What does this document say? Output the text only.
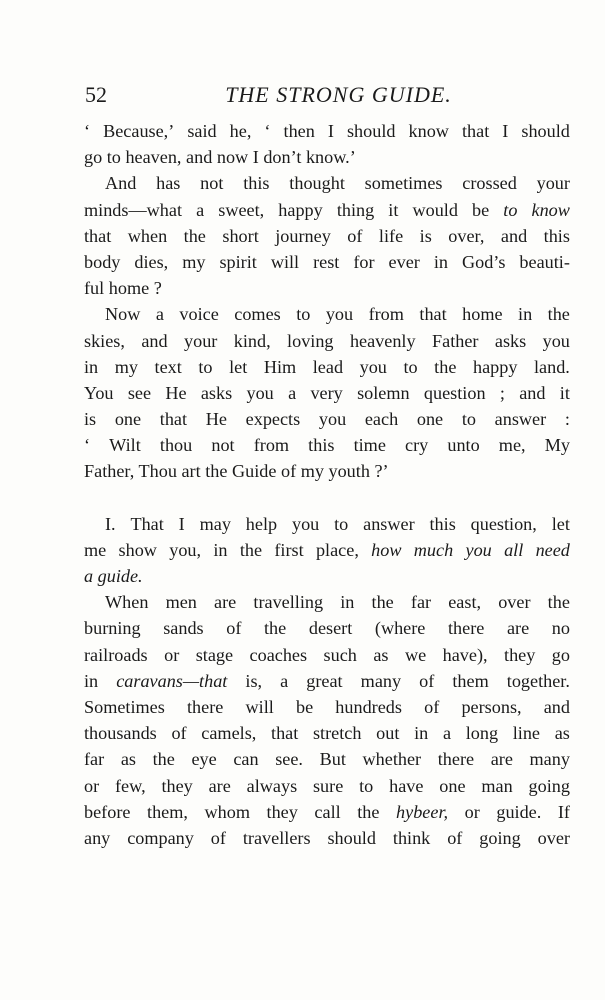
52	THE STRONG GUIDE.
‘ Because,’ said he, ‘ then I should know that I should
go to heaven, and now I don’t know.’
And has not this thought sometimes crossed your
minds—what a sweet, happy thing it would be to know
that when the short journey of life is over, and this
body dies, my spirit will rest for ever in God’s beauti-
ful home ?
Now a voice comes to you from that home in the
skies, and your kind, loving heavenly Father asks you
in my text to let Him lead you to the happy land.
You see He asks you a very solemn question ; and it
is one that He expects you each one to answer :
‘ Wilt thou not from this time cry unto me, My
Father, Thou art the Guide of my youth ?’
I. That I may help you to answer this question, let
me show you, in the first place, how much you all need
a guide.
When men are travelling in the far east, over the
burning sands of the desert (where there are no
railroads or stage coaches such as we have), they go
in caravans—that is, a great many of them together.
Sometimes there will be hundreds of persons, and
thousands of camels, that stretch out in a long line as
far as the eye can see. But whether there are many
or few, they are always sure to have one man going
before them, whom they call the hybeer, or guide. If
any company of travellers should think of going over
